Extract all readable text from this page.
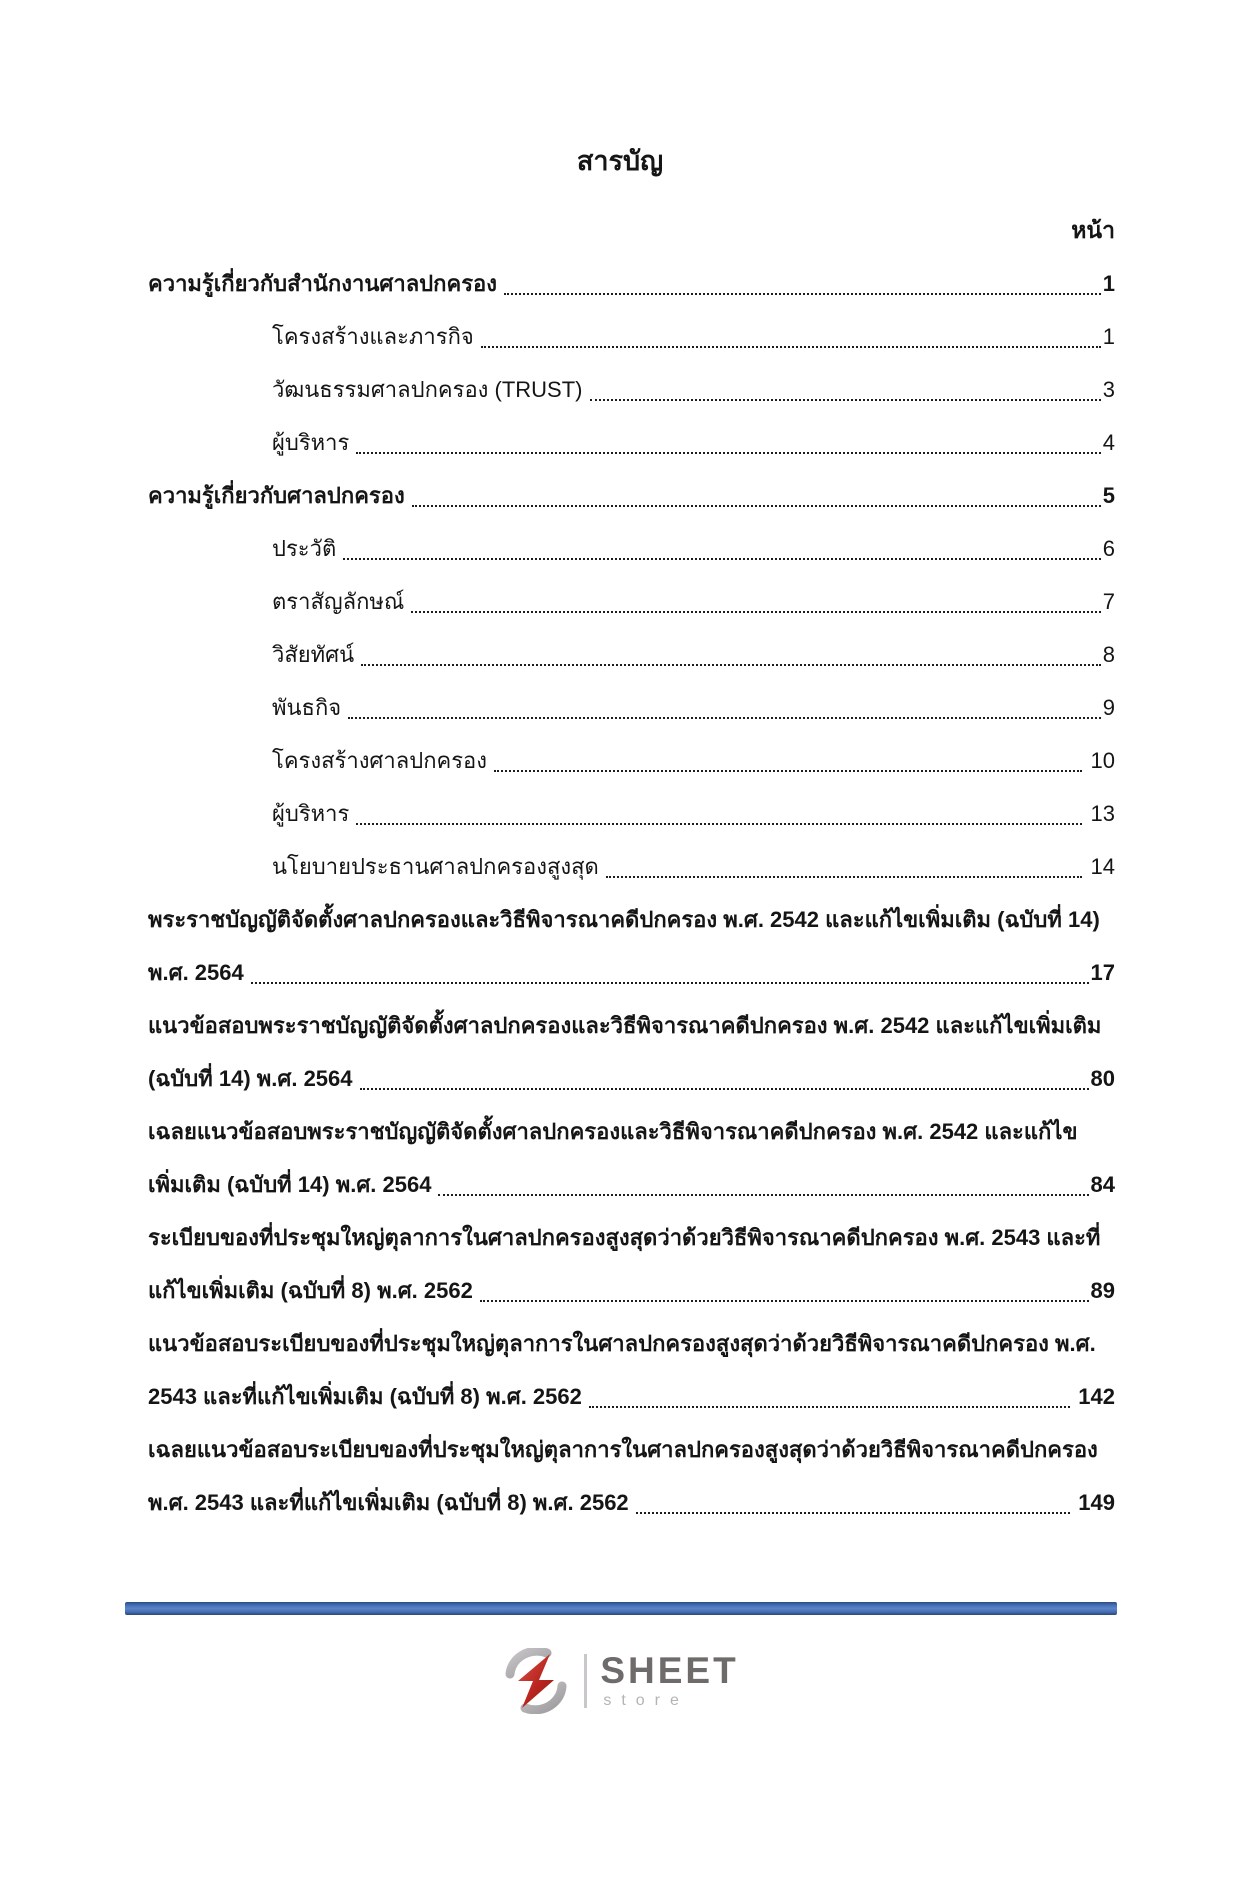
สารบัญ
หน้า
ความรู้เกี่ยวกับสำนักงานศาลปกครอง	1
โครงสร้างและภารกิจ	1
วัฒนธรรมศาลปกครอง (TRUST)	3
ผู้บริหาร	4
ความรู้เกี่ยวกับศาลปกครอง	5
ประวัติ	6
ตราสัญลักษณ์	7
วิสัยทัศน์	8
พันธกิจ	9
โครงสร้างศาลปกครอง	10
ผู้บริหาร	13
นโยบายประธานศาลปกครองสูงสุด	14
พระราชบัญญัติจัดตั้งศาลปกครองและวิธีพิจารณาคดีปกครอง พ.ศ. 2542 และแก้ไขเพิ่มเติม (ฉบับที่ 14)
พ.ศ. 2564	17
แนวข้อสอบพระราชบัญญัติจัดตั้งศาลปกครองและวิธีพิจารณาคดีปกครอง พ.ศ. 2542 และแก้ไขเพิ่มเติม
(ฉบับที่ 14) พ.ศ. 2564	80
เฉลยแนวข้อสอบพระราชบัญญัติจัดตั้งศาลปกครองและวิธีพิจารณาคดีปกครอง พ.ศ. 2542 และแก้ไข
เพิ่มเติม (ฉบับที่ 14) พ.ศ. 2564	84
ระเบียบของที่ประชุมใหญ่ตุลาการในศาลปกครองสูงสุดว่าด้วยวิธีพิจารณาคดีปกครอง พ.ศ. 2543 และที่
แก้ไขเพิ่มเติม (ฉบับที่ 8) พ.ศ. 2562	89
แนวข้อสอบระเบียบของที่ประชุมใหญ่ตุลาการในศาลปกครองสูงสุดว่าด้วยวิธีพิจารณาคดีปกครอง พ.ศ.
2543 และที่แก้ไขเพิ่มเติม (ฉบับที่ 8) พ.ศ. 2562	142
เฉลยแนวข้อสอบระเบียบของที่ประชุมใหญ่ตุลาการในศาลปกครองสูงสุดว่าด้วยวิธีพิจารณาคดีปกครอง
พ.ศ. 2543 และที่แก้ไขเพิ่มเติม (ฉบับที่ 8) พ.ศ. 2562	149
SHEET
store
